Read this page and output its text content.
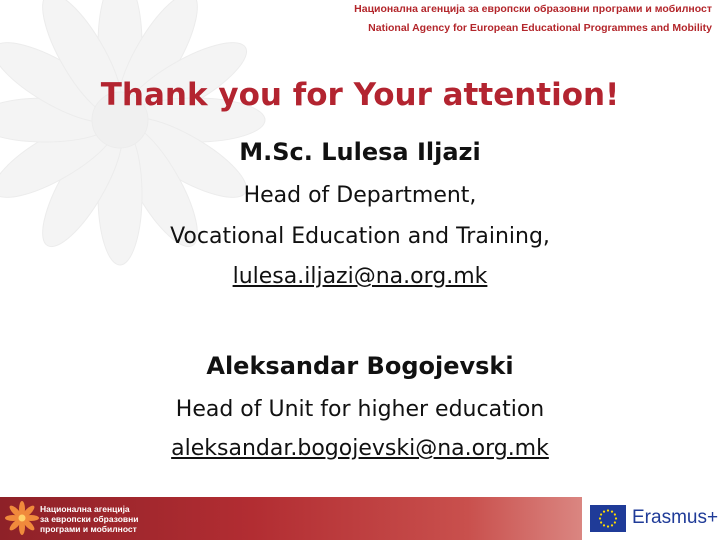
Национална агенција за европски образовни програми и мобилност
National Agency for European Educational Programmes and Mobility
Thank you for Your attention!
M.Sc. Lulesa Iljazi
Head of Department,
Vocational Education and Training,
lulesa.iljazi@na.org.mk
Aleksandar Bogojevski
Head of Unit for higher education
aleksandar.bogojevski@na.org.mk
Национална агенција
за европски образовни
програми и мобилност
Erasmus+
